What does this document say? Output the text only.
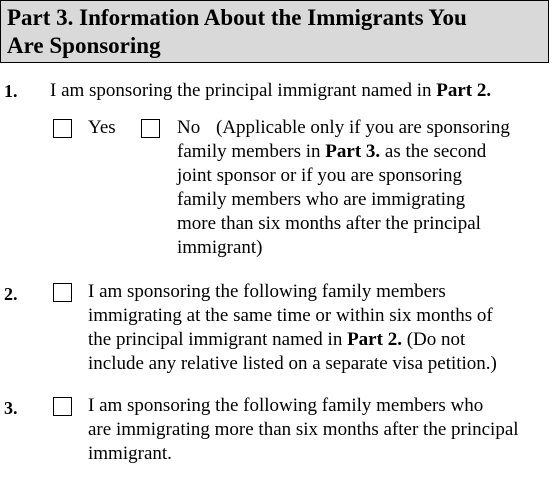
Part 3. Information About the Immigrants You
Are Sponsoring
1. I am sponsoring the principal immigrant named in Part 2.
Yes	No (Applicable only if you are sponsoring
family members in Part 3. as the second
joint sponsor or if you are sponsoring
family members who are immigrating
more than six months after the principal
immigrant)
2.	I am sponsoring the following family members
immigrating at the same time or within six months of
the principal immigrant named in Part 2. (Do not
include any relative listed on a separate visa petition.)
3.	I am sponsoring the following family members who
are immigrating more than six months after the principal
immigrant.
